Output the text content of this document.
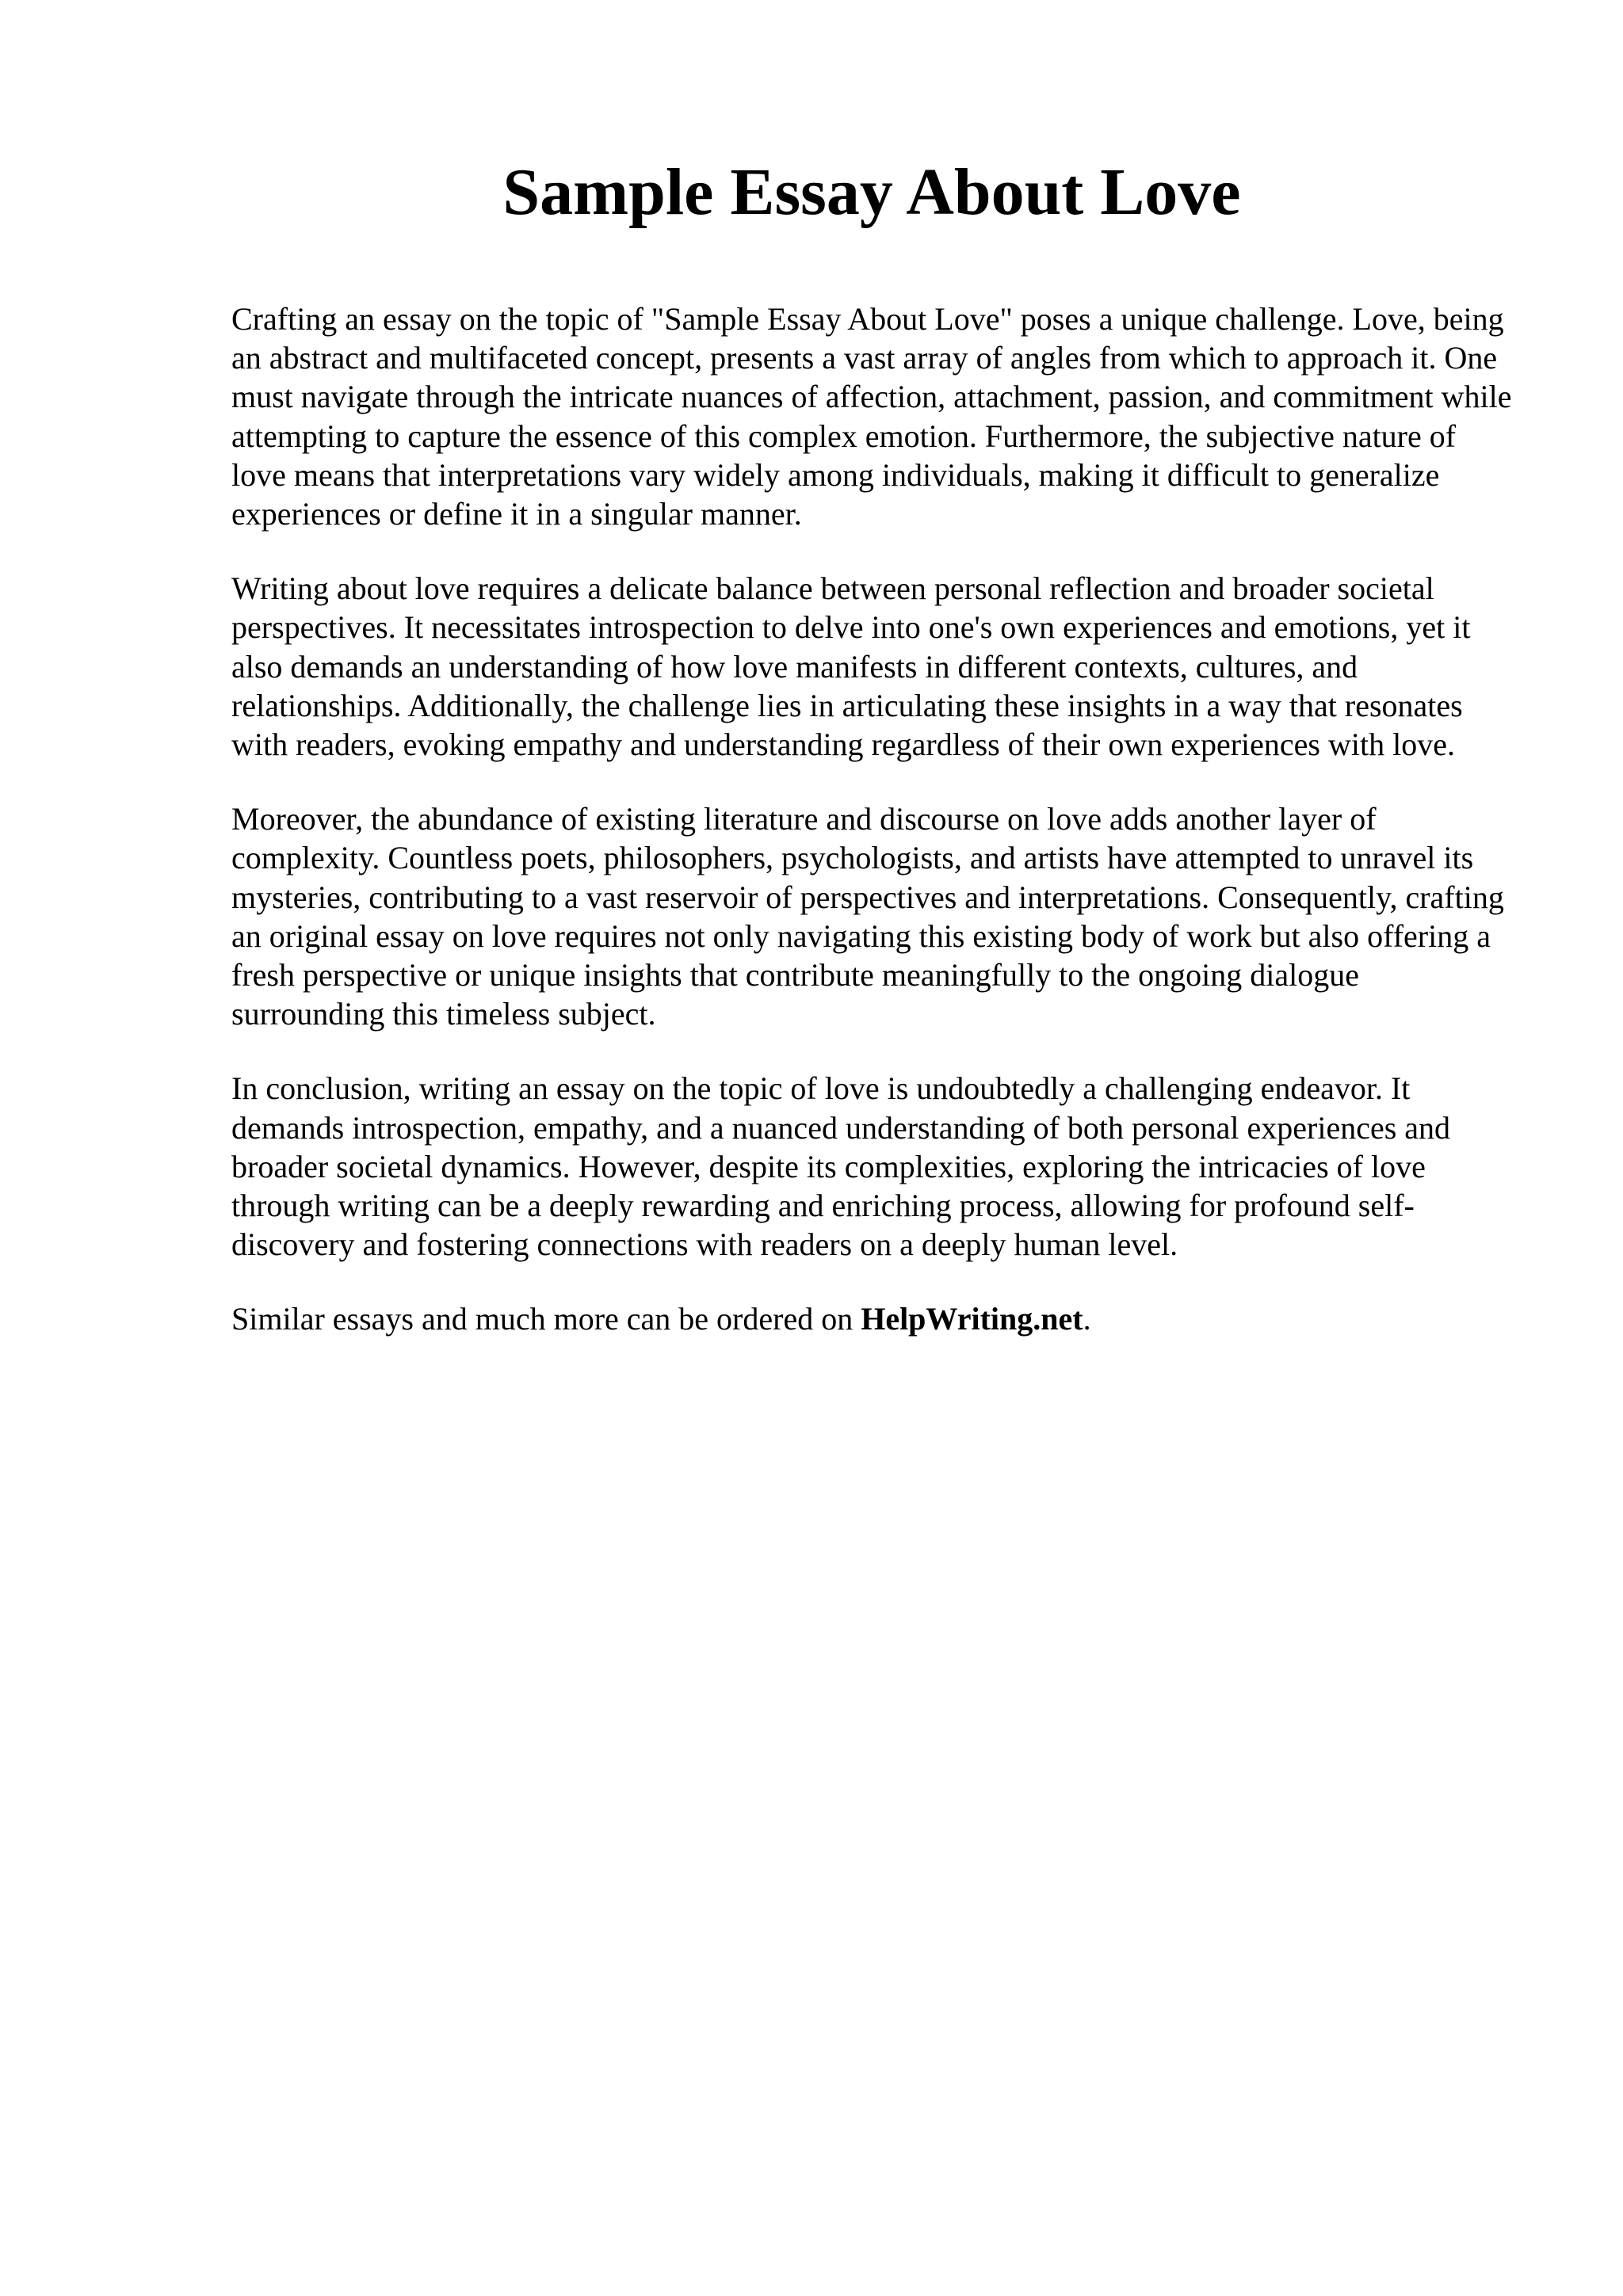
Sample Essay About Love

Crafting an essay on the topic of "Sample Essay About Love" poses a unique challenge. Love, being an abstract and multifaceted concept, presents a vast array of angles from which to approach it. One must navigate through the intricate nuances of affection, attachment, passion, and commitment while attempting to capture the essence of this complex emotion. Furthermore, the subjective nature of love means that interpretations vary widely among individuals, making it difficult to generalize experiences or define it in a singular manner.

Writing about love requires a delicate balance between personal reflection and broader societal perspectives. It necessitates introspection to delve into one's own experiences and emotions, yet it also demands an understanding of how love manifests in different contexts, cultures, and relationships. Additionally, the challenge lies in articulating these insights in a way that resonates with readers, evoking empathy and understanding regardless of their own experiences with love.

Moreover, the abundance of existing literature and discourse on love adds another layer of complexity. Countless poets, philosophers, psychologists, and artists have attempted to unravel its mysteries, contributing to a vast reservoir of perspectives and interpretations. Consequently, crafting an original essay on love requires not only navigating this existing body of work but also offering a fresh perspective or unique insights that contribute meaningfully to the ongoing dialogue surrounding this timeless subject.

In conclusion, writing an essay on the topic of love is undoubtedly a challenging endeavor. It demands introspection, empathy, and a nuanced understanding of both personal experiences and broader societal dynamics. However, despite its complexities, exploring the intricacies of love through writing can be a deeply rewarding and enriching process, allowing for profound self-discovery and fostering connections with readers on a deeply human level.

Similar essays and much more can be ordered on HelpWriting.net.
